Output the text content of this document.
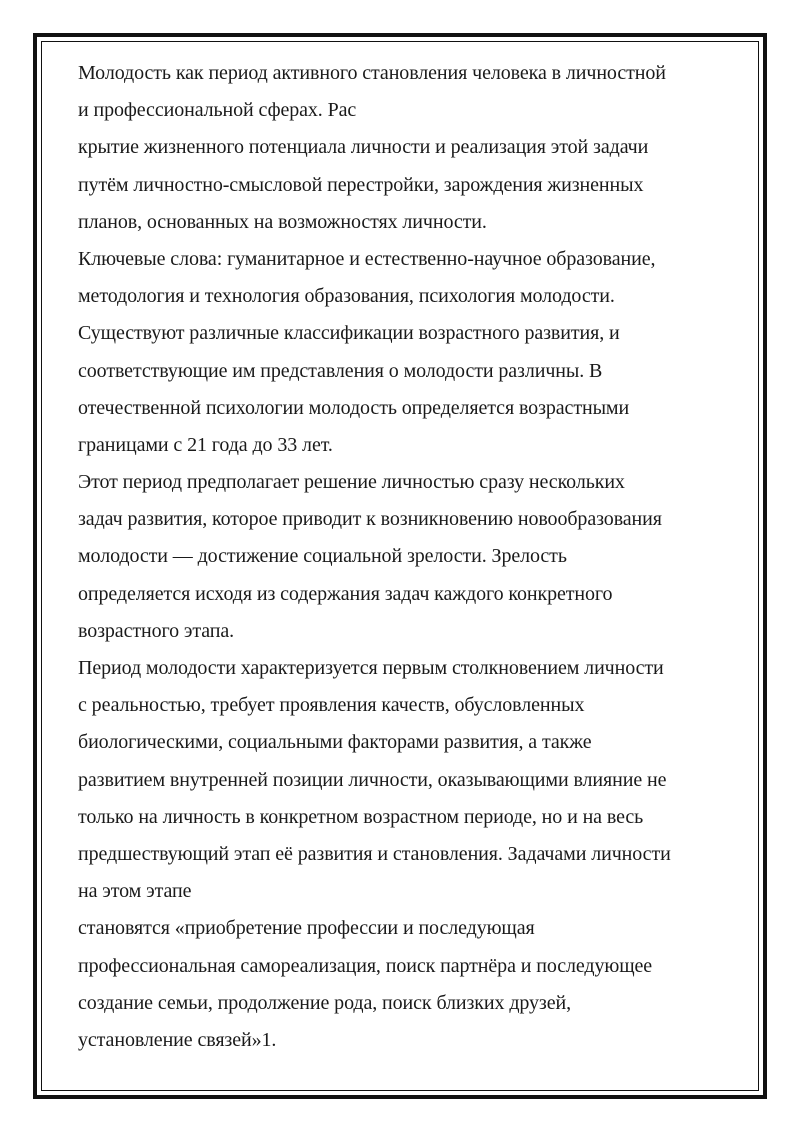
Молодость как период активного становления человека в личностной
и профессиональной сферах. Рас
крытие жизненного потенциала личности и реализация этой задачи
путём личностно-смысловой перестройки, зарождения жизненных
планов, основанных на возможностях личности.
Ключевые слова: гуманитарное и естественно-научное образование,
методология и технология образования, психология молодости.
Существуют различные классификации возрастного развития, и
соответствующие им представления о молодости различны. В
отечественной психологии молодость определяется возрастными
границами с 21 года до 33 лет.
Этот период предполагает решение личностью сразу нескольких
задач развития, которое приводит к возникновению новообразования
молодости — достижение социальной зрелости. Зрелость
определяется исходя из содержания задач каждого конкретного
возрастного этапа.
Период молодости характеризуется первым столкновением личности
с реальностью, требует проявления качеств, обусловленных
биологическими, социальными факторами развития, а также
развитием внутренней позиции личности, оказывающими влияние не
только на личность в конкретном возрастном периоде, но и на весь
предшествующий этап её развития и становления. Задачами личности
на этом этапе
становятся «приобретение профессии и последующая
профессиональная самореализация, поиск партнёра и последующее
создание семьи, продолжение рода, поиск близких друзей,
установление связей»1.
